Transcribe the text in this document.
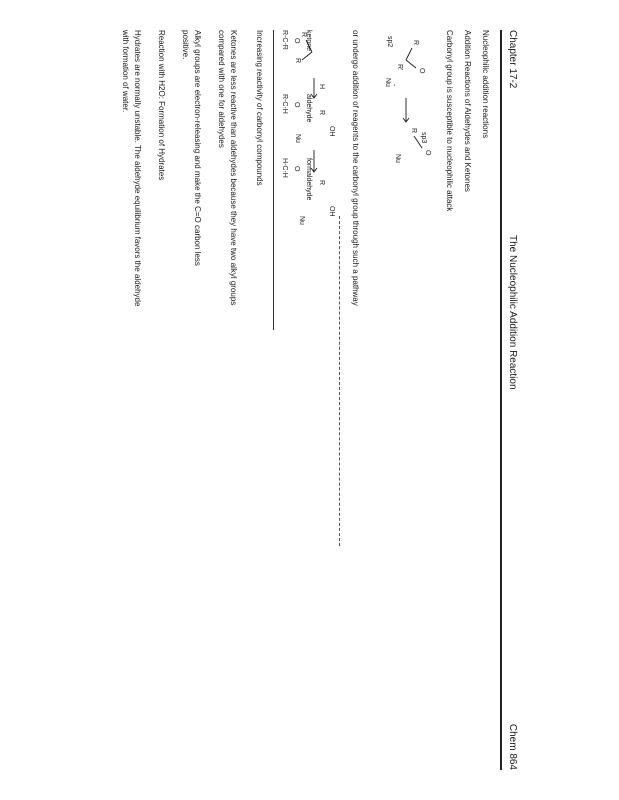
Chapter 17-2
The Nucleophilic Addition Reaction
Chem 864
Nucleophilic addition reactions
Addition Reactions of Aldehydes and Ketones
Carbonyl group is susceptible to nucleophilic attack
sp2	R
R'
O
Nu -
R
sp3
O
Nu
or undergo addition of reagents to the carbonyl group through such a pathway
R
R
H
R
OH
Nu
R
OH
Nu
ketone
aldehyde
formaldehyde
O
O
O
R-C-R
R-C-H
H-C-H
Increasing reactivity of carbonyl compounds
Ketones are less reactive than aldehydes because they have two alkyl groups
compared with one for aldehydes
Alkyl groups are electron-releasing and make the C=O carbon less
positive.
Reaction with H2O: Formation of Hydrates
Hydrates are normally unstable. The aldehyde equilibrium favors the aldehyde
with formation of water.
